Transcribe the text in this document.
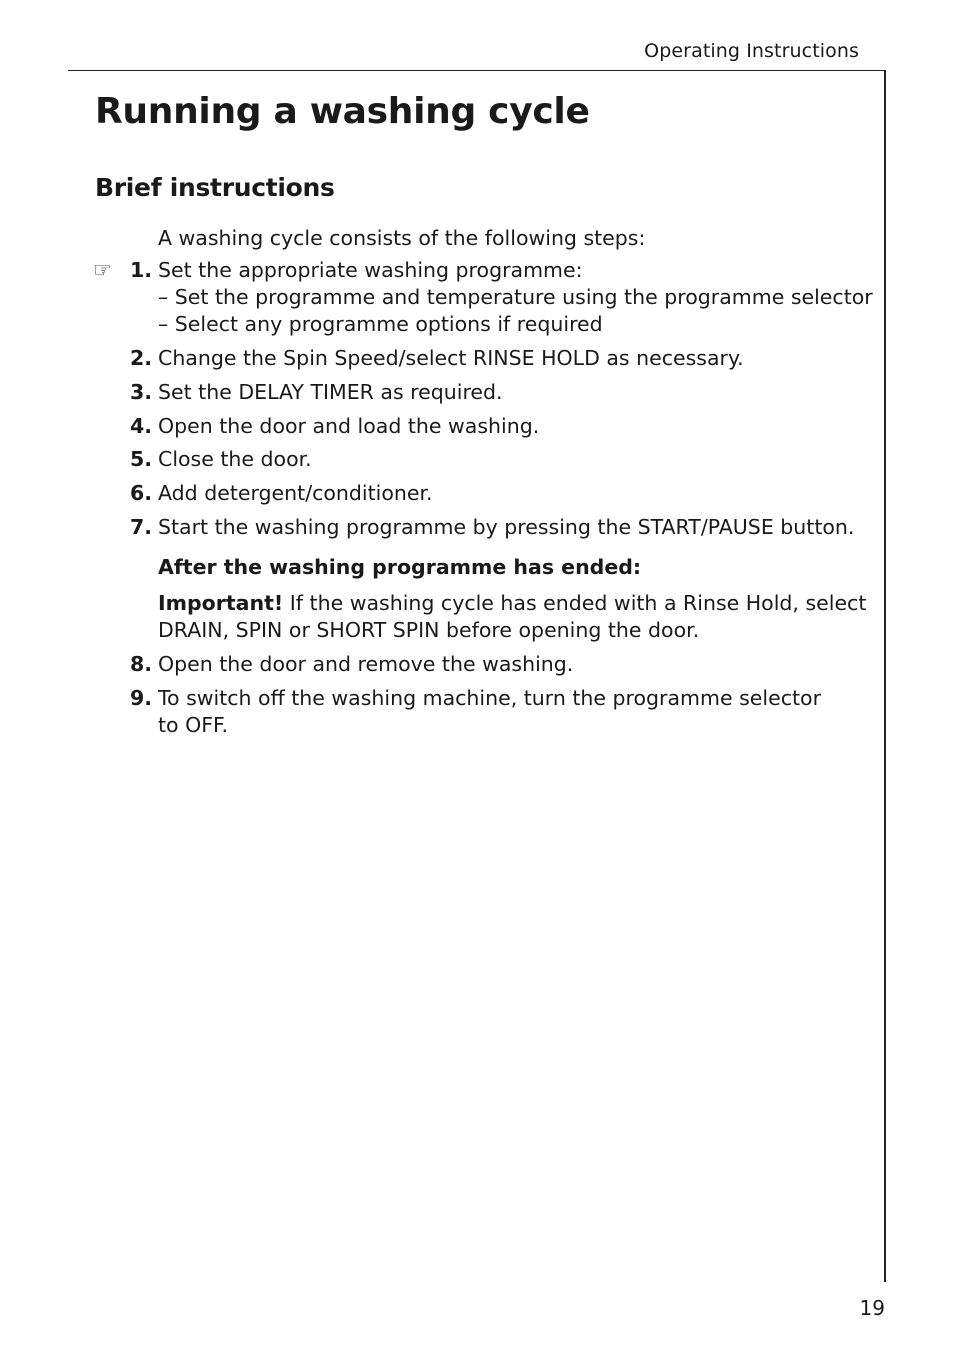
Operating Instructions
Running a washing cycle
Brief instructions
A washing cycle consists of the following steps:
☞ 1. Set the appropriate washing programme:
– Set the programme and temperature using the programme selector
– Select any programme options if required
2. Change the Spin Speed/select RINSE HOLD as necessary.
3. Set the DELAY TIMER as required.
4. Open the door and load the washing.
5. Close the door.
6. Add detergent/conditioner.
7. Start the washing programme by pressing the START/PAUSE button.
After the washing programme has ended:
Important! If the washing cycle has ended with a Rinse Hold, select
DRAIN, SPIN or SHORT SPIN before opening the door.
8. Open the door and remove the washing.
9. To switch off the washing machine, turn the programme selector
to OFF.
19
